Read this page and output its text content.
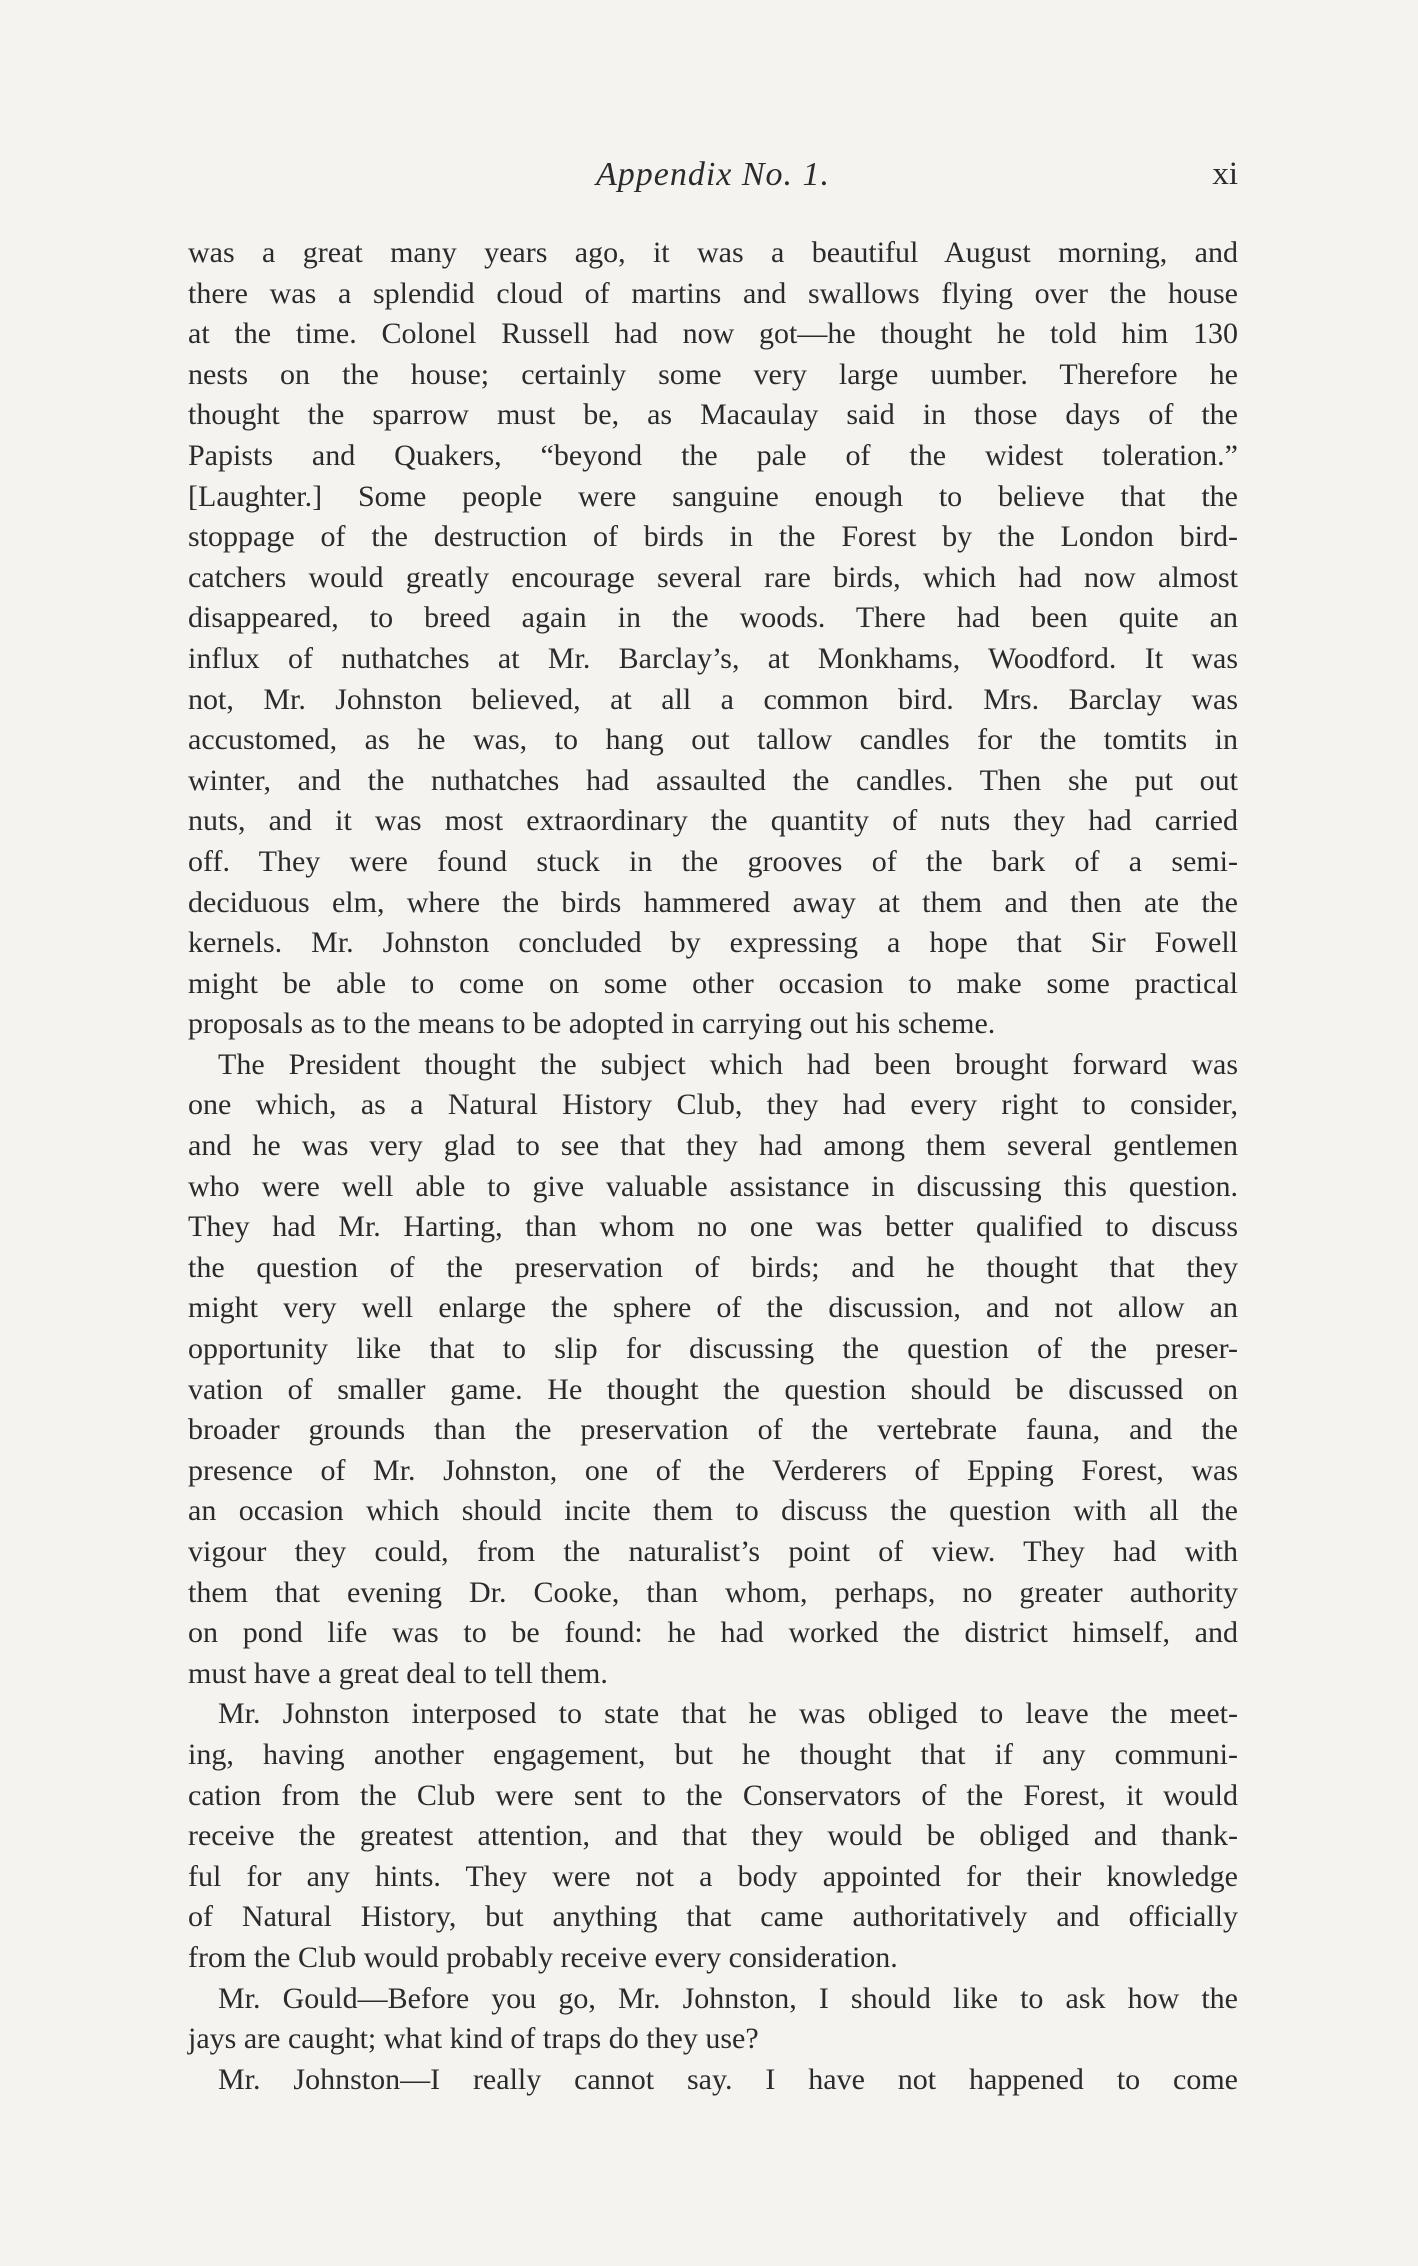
Appendix No. 1.	xi
was a great many years ago, it was a beautiful August morning, and
there was a splendid cloud of martins and swallows flying over the house
at the time. Colonel Russell had now got—he thought he told him 130
nests on the house; certainly some very large uumber. Therefore he
thought the sparrow must be, as Macaulay said in those days of the
Papists and Quakers, “beyond the pale of the widest toleration.”
[Laughter.] Some people were sanguine enough to believe that the
stoppage of the destruction of birds in the Forest by the London bird-
catchers would greatly encourage several rare birds, which had now almost
disappeared, to breed again in the woods. There had been quite an
influx of nuthatches at Mr. Barclay’s, at Monkhams, Woodford. It was
not, Mr. Johnston believed, at all a common bird. Mrs. Barclay was
accustomed, as he was, to hang out tallow candles for the tomtits in
winter, and the nuthatches had assaulted the candles. Then she put out
nuts, and it was most extraordinary the quantity of nuts they had carried
off. They were found stuck in the grooves of the bark of a semi-
deciduous elm, where the birds hammered away at them and then ate the
kernels. Mr. Johnston concluded by expressing a hope that Sir Fowell
might be able to come on some other occasion to make some practical
proposals as to the means to be adopted in carrying out his scheme.
The President thought the subject which had been brought forward was
one which, as a Natural History Club, they had every right to consider,
and he was very glad to see that they had among them several gentlemen
who were well able to give valuable assistance in discussing this question.
They had Mr. Harting, than whom no one was better qualified to discuss
the question of the preservation of birds; and he thought that they
might very well enlarge the sphere of the discussion, and not allow an
opportunity like that to slip for discussing the question of the preser-
vation of smaller game. He thought the question should be discussed on
broader grounds than the preservation of the vertebrate fauna, and the
presence of Mr. Johnston, one of the Verderers of Epping Forest, was
an occasion which should incite them to discuss the question with all the
vigour they could, from the naturalist’s point of view. They had with
them that evening Dr. Cooke, than whom, perhaps, no greater authority
on pond life was to be found: he had worked the district himself, and
must have a great deal to tell them.
Mr. Johnston interposed to state that he was obliged to leave the meet-
ing, having another engagement, but he thought that if any communi-
cation from the Club were sent to the Conservators of the Forest, it would
receive the greatest attention, and that they would be obliged and thank-
ful for any hints. They were not a body appointed for their knowledge
of Natural History, but anything that came authoritatively and officially
from the Club would probably receive every consideration.
Mr. Gould—Before you go, Mr. Johnston, I should like to ask how the
jays are caught; what kind of traps do they use?
Mr. Johnston—I really cannot say. I have not happened to come
